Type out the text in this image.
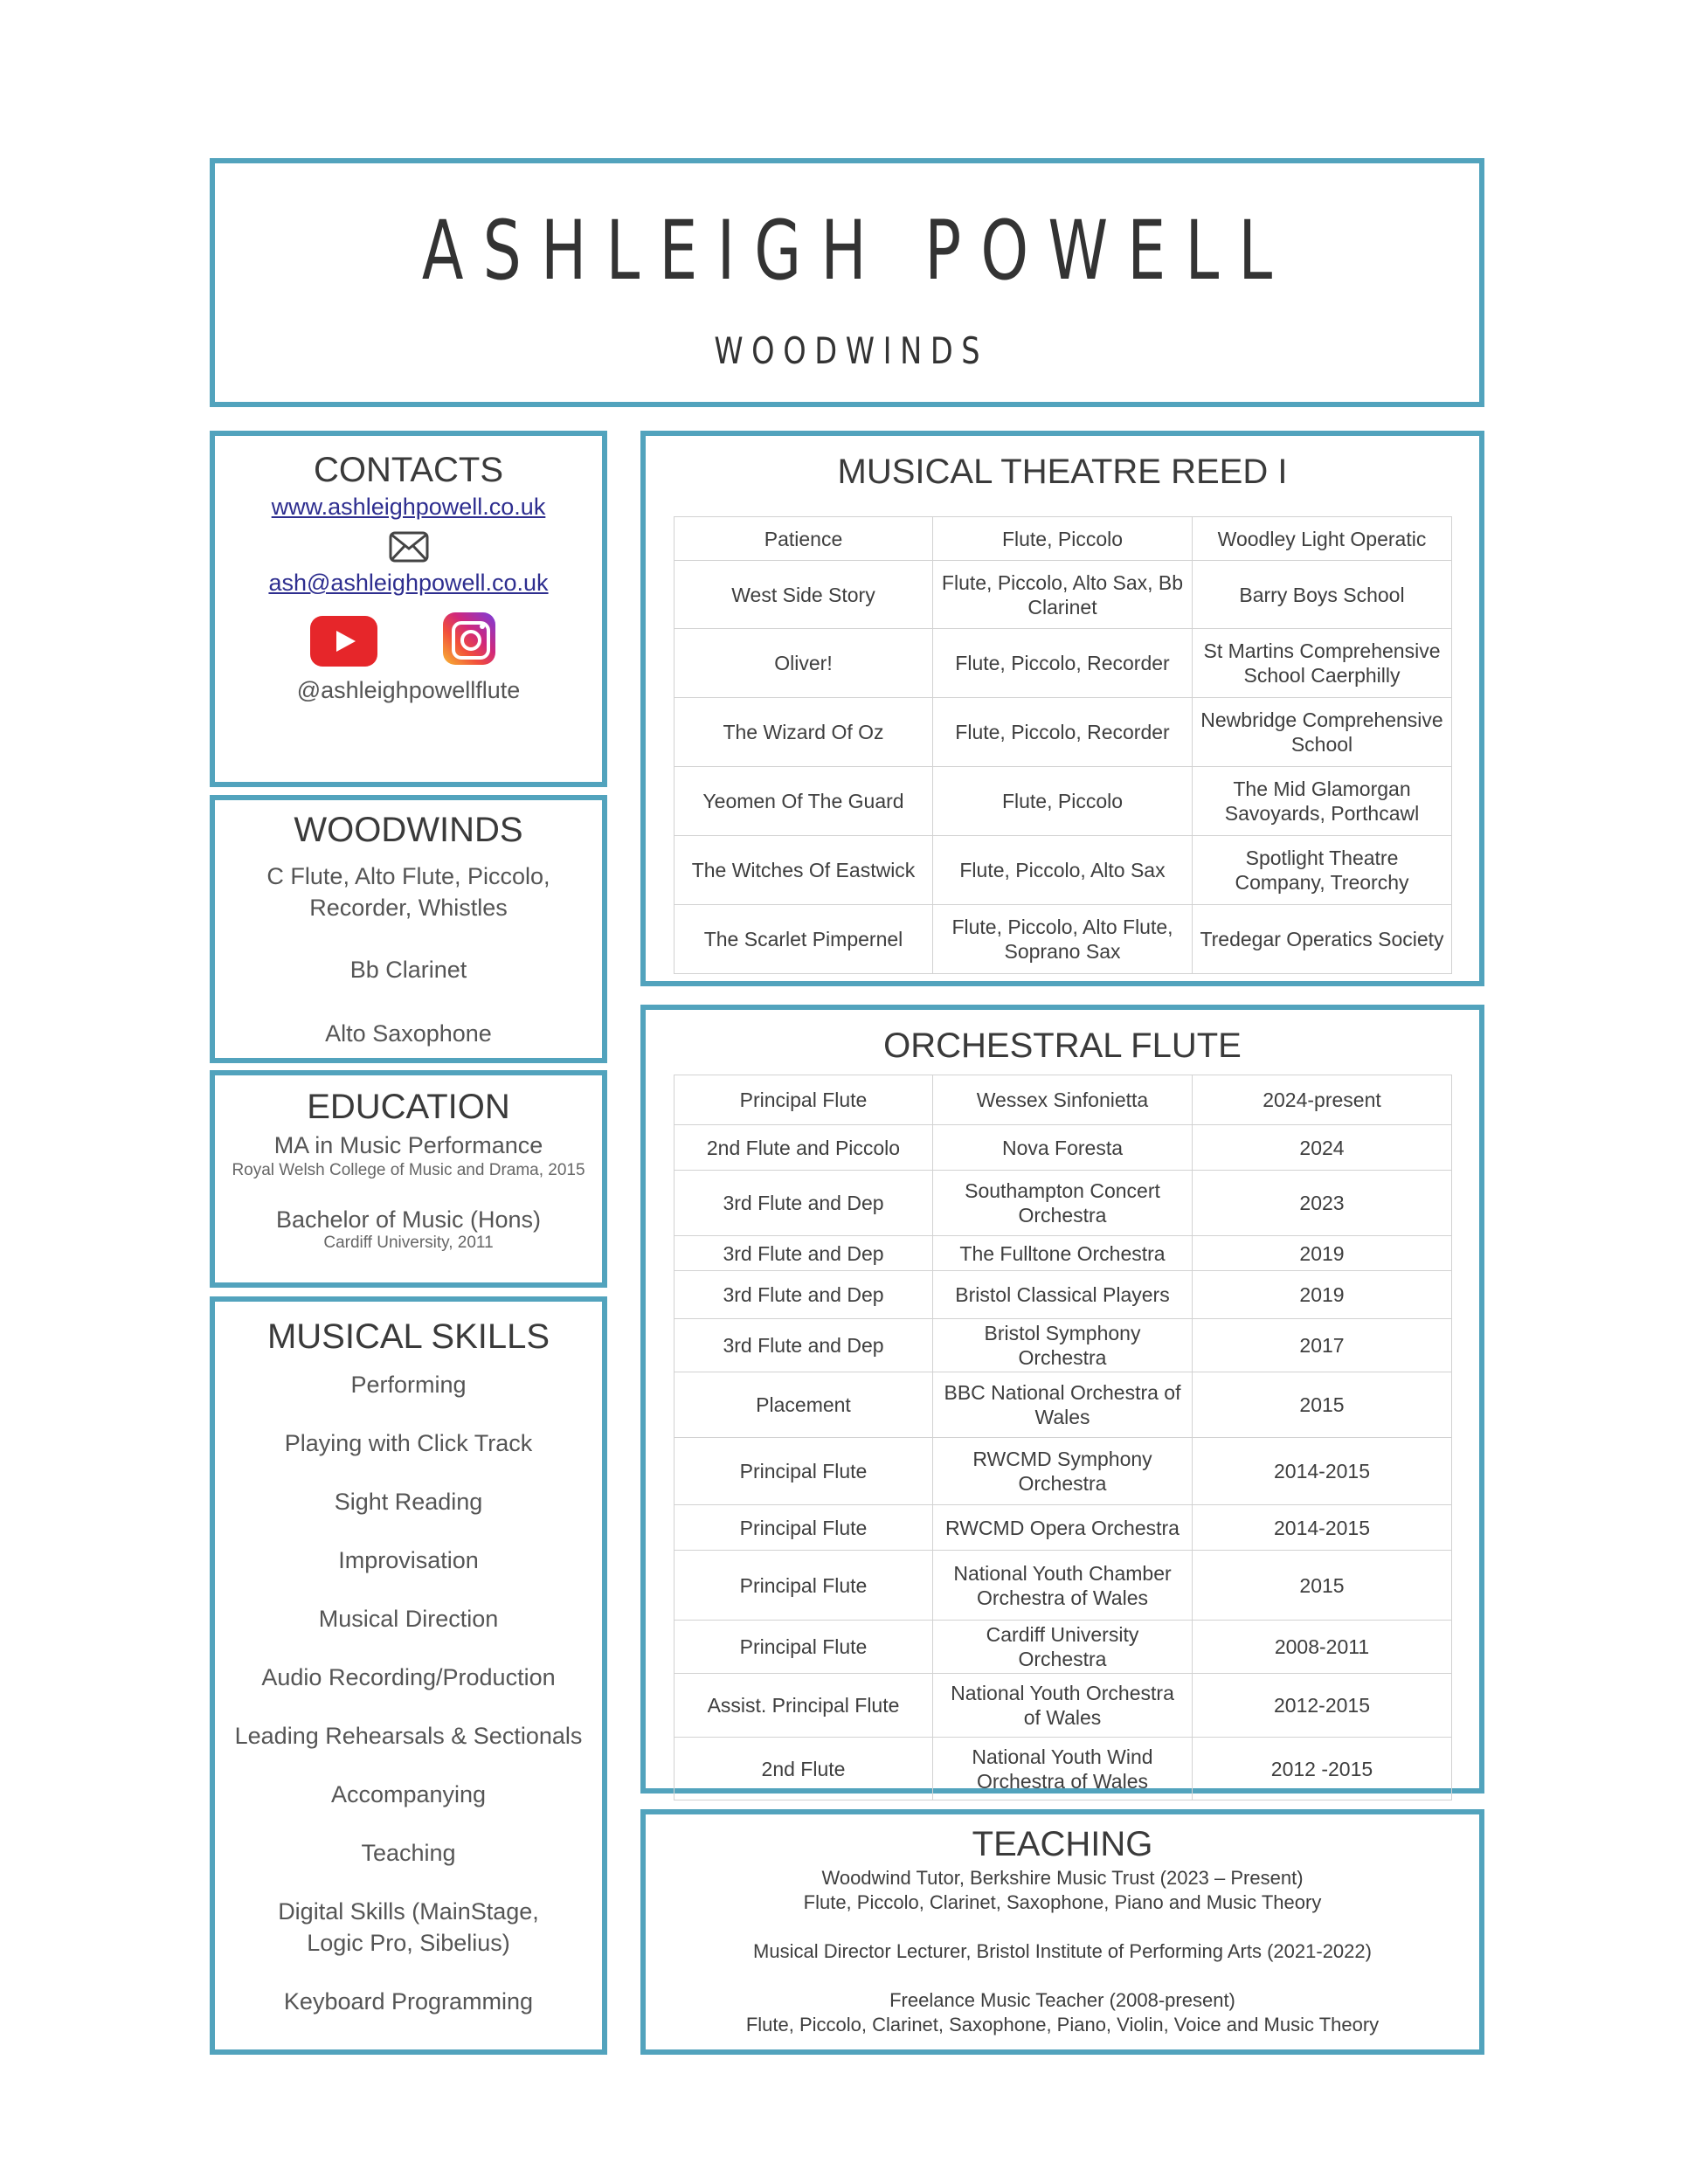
ASHLEIGH POWELL
WOODWINDS
CONTACTS
www.ashleighpowell.co.uk
ash@ashleighpowell.co.uk
@ashleighpowellflute
WOODWINDS
C Flute, Alto Flute, Piccolo, Recorder, Whistles
Bb Clarinet
Alto Saxophone
EDUCATION
MA in Music Performance
Royal Welsh College of Music and Drama, 2015
Bachelor of Music (Hons)
Cardiff University, 2011
MUSICAL SKILLS
Performing
Playing with Click Track
Sight Reading
Improvisation
Musical Direction
Audio Recording/Production
Leading Rehearsals & Sectionals
Accompanying
Teaching
Digital Skills (MainStage, Logic Pro, Sibelius)
Keyboard Programming
MUSICAL THEATRE REED I
Patience	Flute, Piccolo	Woodley Light Operatic
West Side Story	Flute, Piccolo, Alto Sax, Bb Clarinet	Barry Boys School
Oliver!	Flute, Piccolo, Recorder	St Martins Comprehensive School Caerphilly
The Wizard Of Oz	Flute, Piccolo, Recorder	Newbridge Comprehensive School
Yeomen Of The Guard	Flute, Piccolo	The Mid Glamorgan Savoyards, Porthcawl
The Witches Of Eastwick	Flute, Piccolo, Alto Sax	Spotlight Theatre Company, Treorchy
The Scarlet Pimpernel	Flute, Piccolo, Alto Flute, Soprano Sax	Tredegar Operatics Society
ORCHESTRAL FLUTE
Principal Flute	Wessex Sinfonietta	2024-present
2nd Flute and Piccolo	Nova Foresta	2024
3rd Flute and Dep	Southampton Concert Orchestra	2023
3rd Flute and Dep	The Fulltone Orchestra	2019
3rd Flute and Dep	Bristol Classical Players	2019
3rd Flute and Dep	Bristol Symphony Orchestra	2017
Placement	BBC National Orchestra of Wales	2015
Principal Flute	RWCMD Symphony Orchestra	2014-2015
Principal Flute	RWCMD Opera Orchestra	2014-2015
Principal Flute	National Youth Chamber Orchestra of Wales	2015
Principal Flute	Cardiff University Orchestra	2008-2011
Assist. Principal Flute	National Youth Orchestra of Wales	2012-2015
2nd Flute	National Youth Wind Orchestra of Wales	2012 -2015
TEACHING
Woodwind Tutor, Berkshire Music Trust (2023 – Present)
Flute, Piccolo, Clarinet, Saxophone, Piano and Music Theory
Musical Director Lecturer, Bristol Institute of Performing Arts (2021-2022)
Freelance Music Teacher (2008-present)
Flute, Piccolo, Clarinet, Saxophone, Piano, Violin, Voice and Music Theory
